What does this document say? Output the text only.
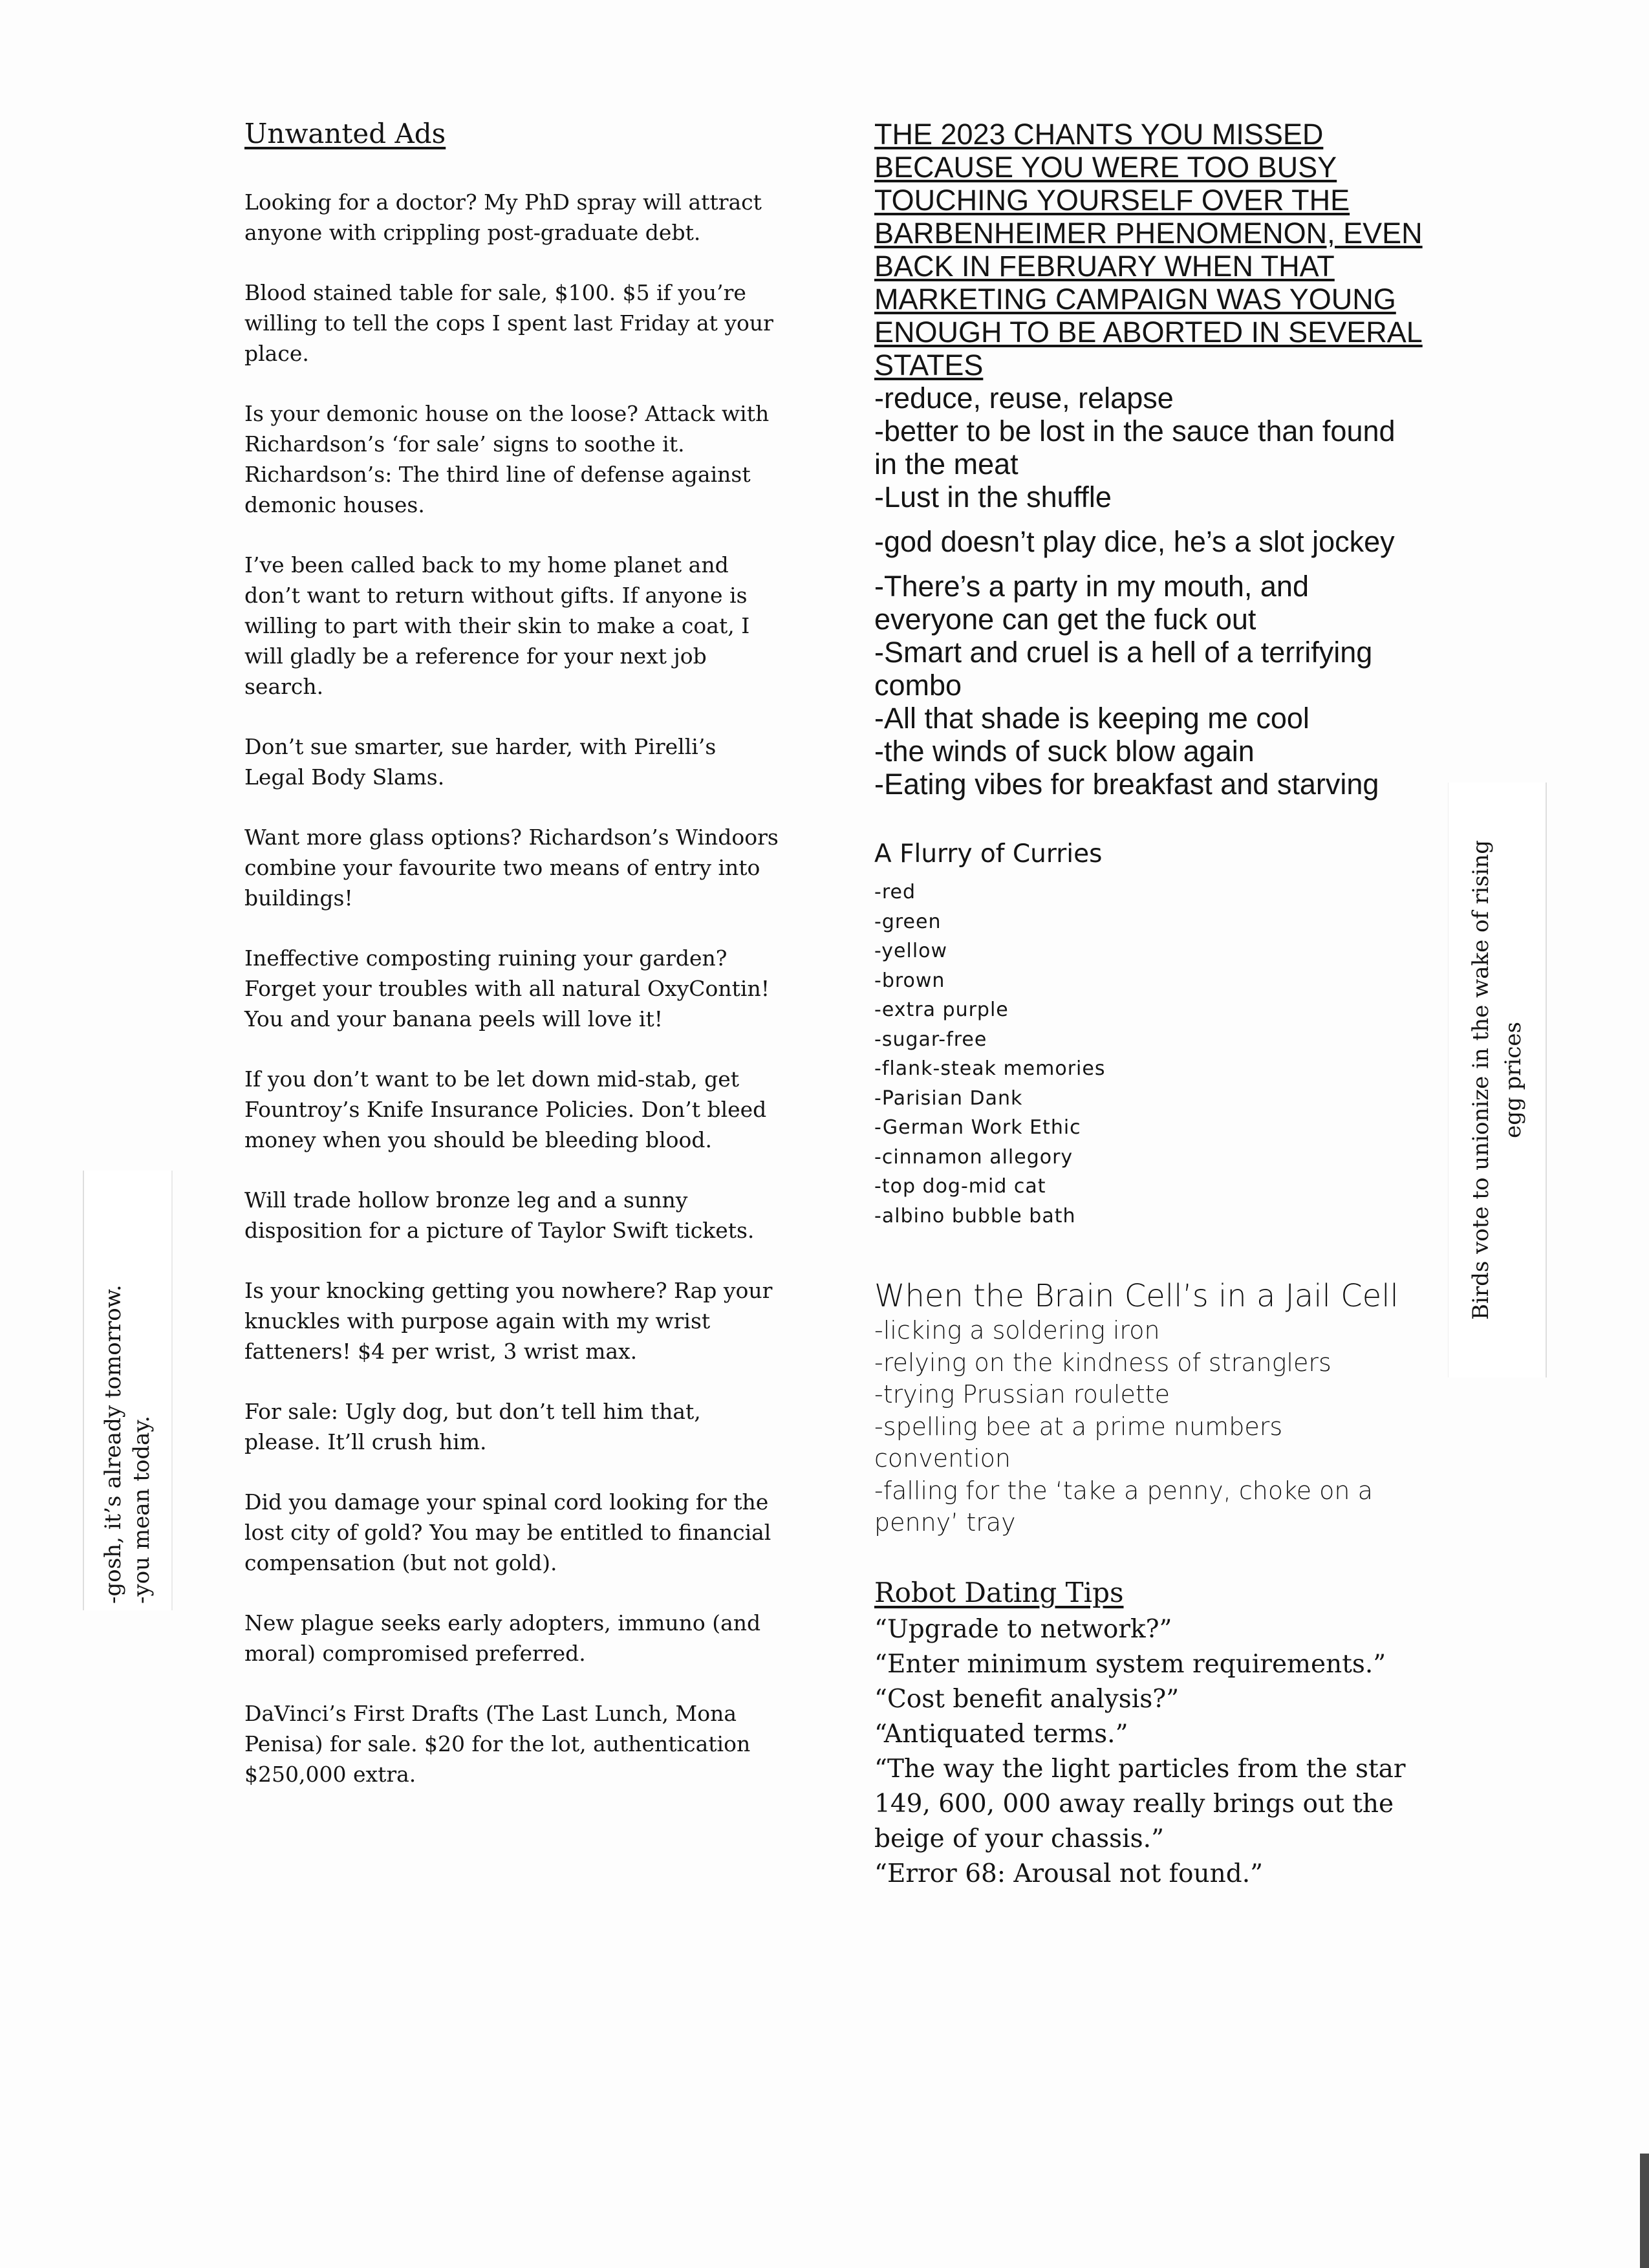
Unwanted Ads

Looking for a doctor? My PhD spray will attract anyone with crippling post-graduate debt.

Blood stained table for sale, $100. $5 if you’re willing to tell the cops I spent last Friday at your place.

Is your demonic house on the loose? Attack with Richardson’s ‘for sale’ signs to soothe it. Richardson’s: The third line of defense against demonic houses.

I’ve been called back to my home planet and don’t want to return without gifts. If anyone is willing to part with their skin to make a coat, I will gladly be a reference for your next job search.

Don’t sue smarter, sue harder, with Pirelli’s Legal Body Slams.

Want more glass options? Richardson’s Windoors combine your favourite two means of entry into buildings!

Ineffective composting ruining your garden? Forget your troubles with all natural OxyContin! You and your banana peels will love it!

If you don’t want to be let down mid-stab, get Fountroy’s Knife Insurance Policies. Don’t bleed money when you should be bleeding blood.

Will trade hollow bronze leg and a sunny disposition for a picture of Taylor Swift tickets.

Is your knocking getting you nowhere? Rap your knuckles with purpose again with my wrist fatteners! $4 per wrist, 3 wrist max.

For sale: Ugly dog, but don’t tell him that, please. It’ll crush him.

Did you damage your spinal cord looking for the lost city of gold? You may be entitled to financial compensation (but not gold).

New plague seeks early adopters, immuno (and moral) compromised preferred.

DaVinci’s First Drafts (The Last Lunch, Mona Penisa) for sale. $20 for the lot, authentication $250,000 extra.

THE 2023 CHANTS YOU MISSED BECAUSE YOU WERE TOO BUSY TOUCHING YOURSELF OVER THE BARBENHEIMER PHENOMENON, EVEN BACK IN FEBRUARY WHEN THAT MARKETING CAMPAIGN WAS YOUNG ENOUGH TO BE ABORTED IN SEVERAL STATES

-reduce, reuse, relapse

-better to be lost in the sauce than found in the meat

-Lust in the shuffle

-god doesn’t play dice, he’s a slot jockey

-There’s a party in my mouth, and everyone can get the fuck out

-Smart and cruel is a hell of a terrifying combo

-All that shade is keeping me cool

-the winds of suck blow again

-Eating vibes for breakfast and starving

A Flurry of Curries
-red
-green
-yellow
-brown
-extra purple
-sugar-free
-flank-steak memories
-Parisian Dank
-German Work Ethic
-cinnamon allegory
-top dog-mid cat
-albino bubble bath
When the Brain Cell’s in a Jail Cell
-licking a soldering iron
-relying on the kindness of stranglers
-trying Prussian roulette
-spelling bee at a prime numbers convention
-falling for the ‘take a penny, choke on a penny’ tray
Robot Dating Tips
“Upgrade to network?”
“Enter minimum system requirements.”
“Cost benefit analysis?”
“Antiquated terms.”
“The way the light particles from the star 149, 600, 000 away really brings out the beige of your chassis.”
“Error 68: Arousal not found.”
-gosh, it’s already tomorrow. -you mean today.
Birds vote to unionize in the wake of rising egg prices
